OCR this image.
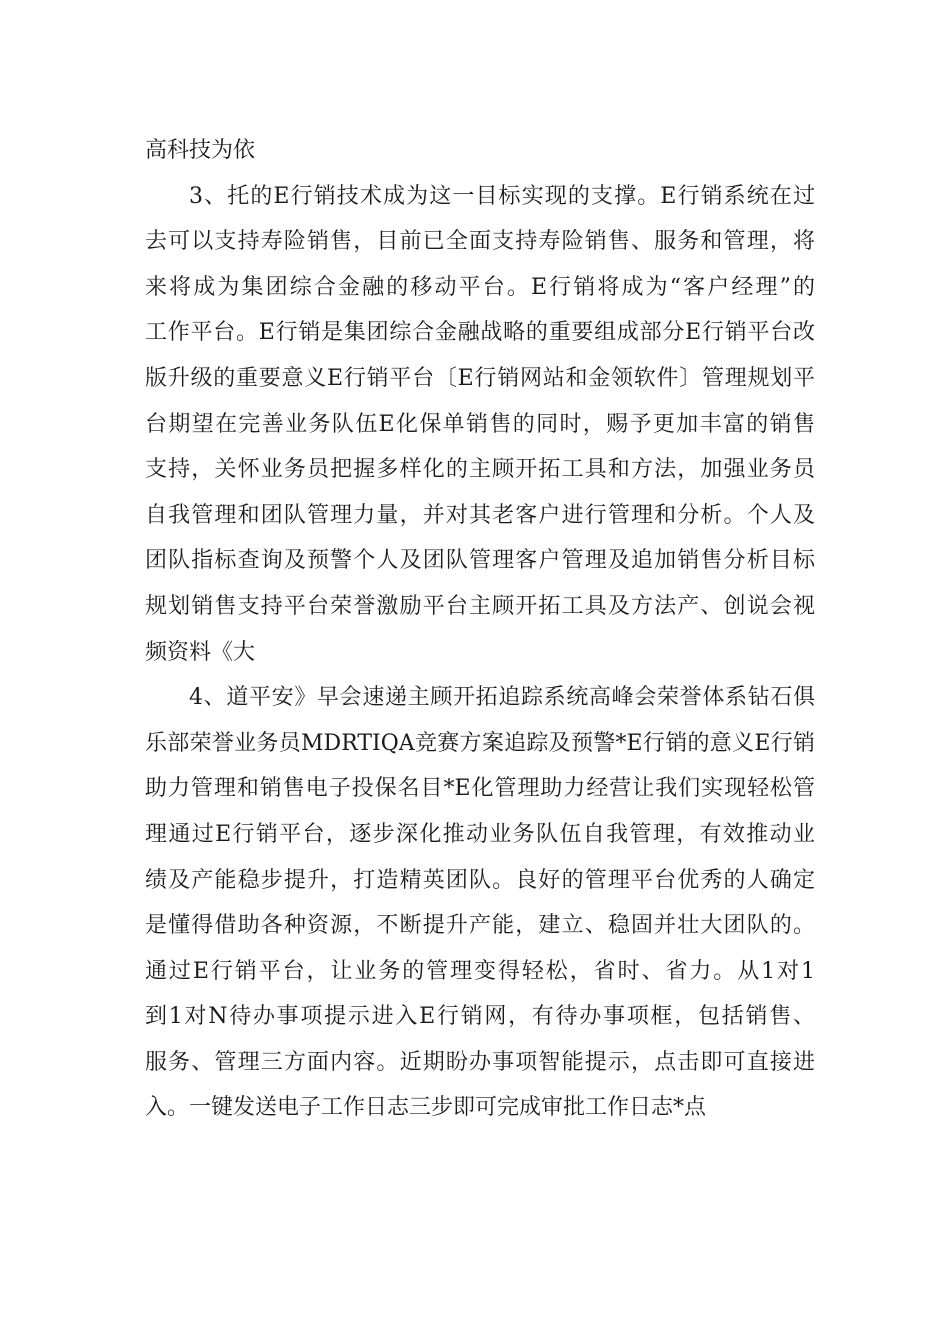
高科技为依
3、托的E行销技术成为这一目标实现的支撑。E行销系统在过
去可以支持寿险销售，目前已全面支持寿险销售、服务和管理，将
来将成为集团综合金融的移动平台。E行销将成为“客户经理”的
工作平台。E行销是集团综合金融战略的重要组成部分E行销平台改
版升级的重要意义E行销平台〔E行销网站和金领软件〕管理规划平
台期望在完善业务队伍E化保单销售的同时，赐予更加丰富的销售
支持，关怀业务员把握多样化的主顾开拓工具和方法，加强业务员
自我管理和团队管理力量，并对其老客户进行管理和分析。个人及
团队指标查询及预警个人及团队管理客户管理及追加销售分析目标
规划销售支持平台荣誉激励平台主顾开拓工具及方法产、创说会视
频资料《大
4、道平安》早会速递主顾开拓追踪系统高峰会荣誉体系钻石俱
乐部荣誉业务员MDRTIQA竞赛方案追踪及预警*E行销的意义E行销
助力管理和销售电子投保名目*E化管理助力经营让我们实现轻松管
理通过E行销平台，逐步深化推动业务队伍自我管理，有效推动业
绩及产能稳步提升，打造精英团队。良好的管理平台优秀的人确定
是懂得借助各种资源，不断提升产能，建立、稳固并壮大团队的。
通过E行销平台，让业务的管理变得轻松，省时、省力。从1对1
到1对N待办事项提示进入E行销网，有待办事项框，包括销售、
服务、管理三方面内容。近期盼办事项智能提示，点击即可直接进
入。一键发送电子工作日志三步即可完成审批工作日志*点
